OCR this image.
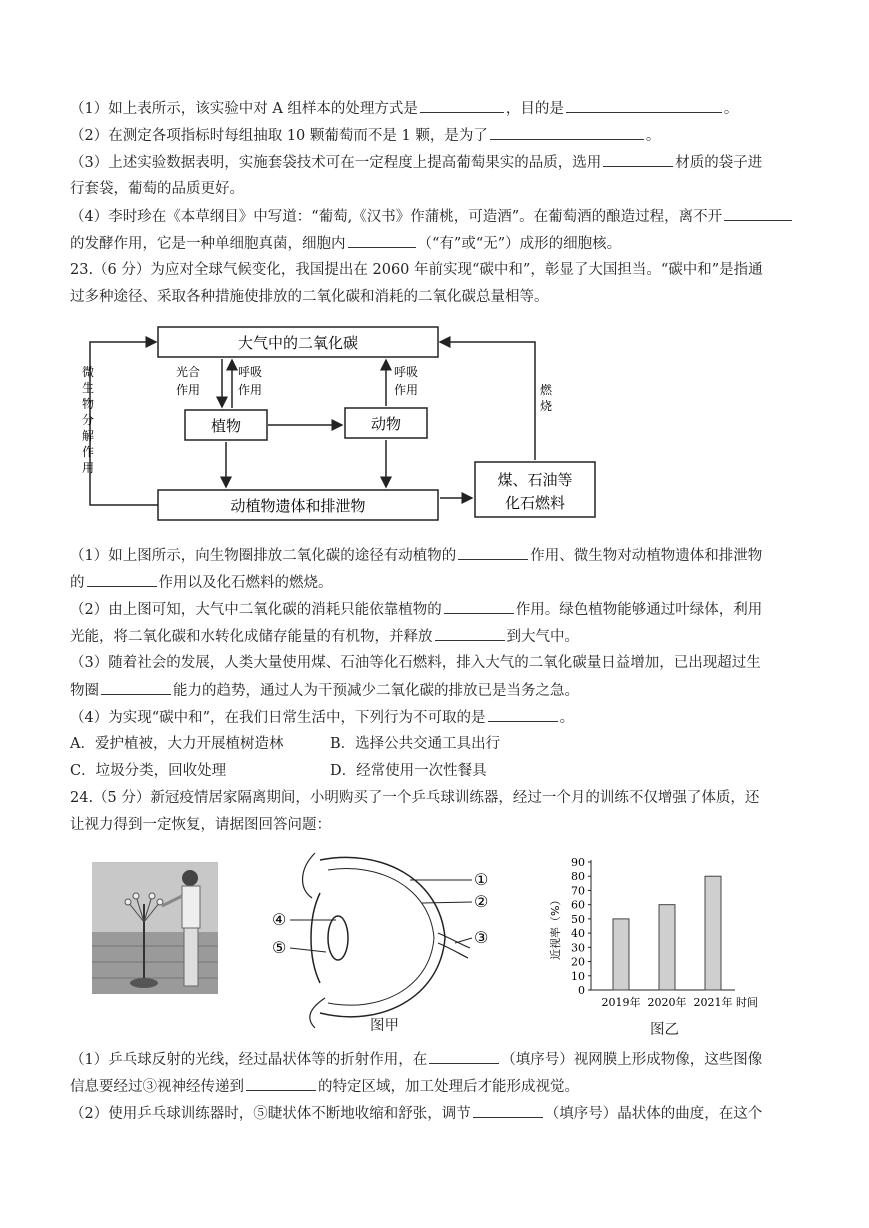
（1）如上表所示，该实验中对 A 组样本的处理方式是	，目的是	。
（2）在测定各项指标时每组抽取 10 颗葡萄而不是 1 颗，是为了	。
（3）上述实验数据表明，实施套袋技术可在一定程度上提高葡萄果实的品质，选用	材质的袋子进
行套袋，葡萄的品质更好。
（4）李时珍在《本草纲目》中写道：“葡萄,《汉书》作蒲桃，可造酒”。在葡萄酒的酿造过程，离不开
的发酵作用，它是一种单细胞真菌，细胞内	（“有”或“无”）成形的细胞核。
23.（6 分）为应对全球气候变化，我国提出在 2060 年前实现“碳中和”，彰显了大国担当。“碳中和”是指通
过多种途径、采取各种措施使排放的二氧化碳和消耗的二氧化碳总量相等。
大气中的二氧化碳
植物	动物
动植物遗体和排泄物
煤、石油等
化石燃料
微
生
物
分
解
作
用
光合
作用
呼吸
作用
呼吸
作用	燃
烧
（1）如上图所示，向生物圈排放二氧化碳的途径有动植物的	作用、微生物对动植物遗体和排泄物
的	作用以及化石燃料的燃烧。
（2）由上图可知，大气中二氧化碳的消耗只能依靠植物的	作用。绿色植物能够通过叶绿体，利用
光能，将二氧化碳和水转化成储存能量的有机物，并释放	到大气中。
（3）随着社会的发展，人类大量使用煤、石油等化石燃料，排入大气的二氧化碳量日益增加，已出现超过生
物圈	能力的趋势，通过人为干预减少二氧化碳的排放已是当务之急。
（4）为实现“碳中和”，在我们日常生活中，下列行为不可取的是	。
A．爱护植被，大力开展植树造林	B．选择公共交通工具出行
C．垃圾分类，回收处理	D．经常使用一次性餐具
24.（5 分）新冠疫情居家隔离期间，小明购买了一个乒乓球训练器，经过一个月的训练不仅增强了体质，还
让视力得到一定恢复，请据图回答问题：
①
②
③
④
⑤
图甲
近视率（%）
0
10
20
30
40
50
60
70
80
90
2019年 2020年 2021年 时间
图乙
（1）乒乓球反射的光线，经过晶状体等的折射作用，在	（填序号）视网膜上形成物像，这些图像
信息要经过③视神经传递到	的特定区域，加工处理后才能形成视觉。
（2）使用乒乓球训练器时，⑤睫状体不断地收缩和舒张，调节	（填序号）晶状体的曲度，在这个
